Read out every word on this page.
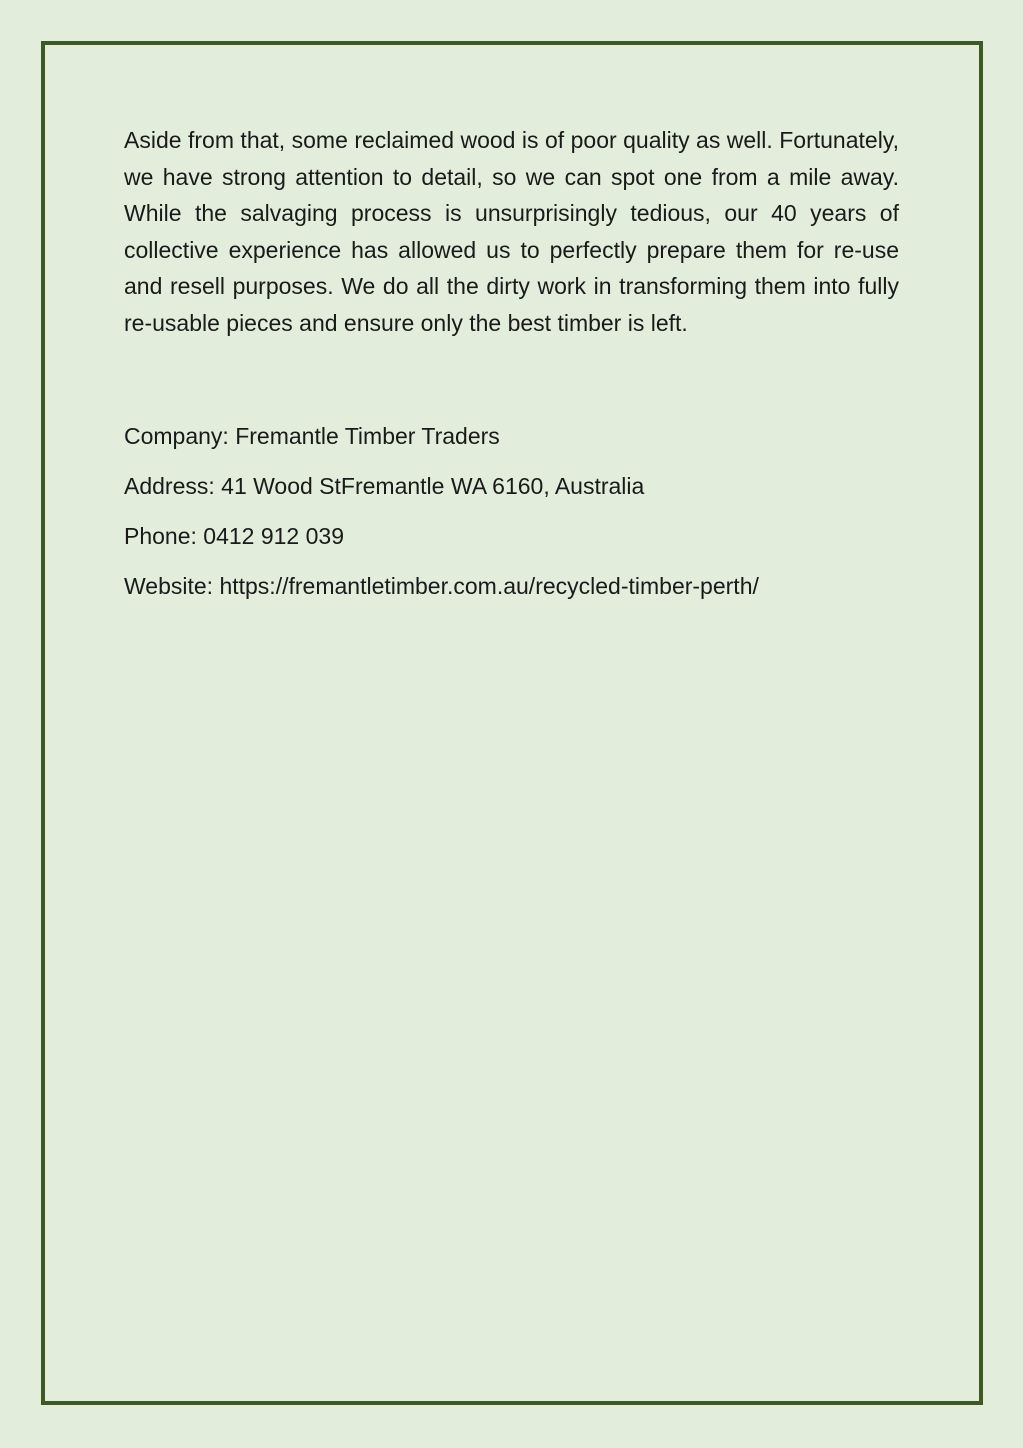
Aside from that, some reclaimed wood is of poor quality as well. Fortunately, we have strong attention to detail, so we can spot one from a mile away. While the salvaging process is unsurprisingly tedious, our 40 years of collective experience has allowed us to perfectly prepare them for re-use and resell purposes. We do all the dirty work in transforming them into fully re-usable pieces and ensure only the best timber is left.

Company: Fremantle Timber Traders

Address: 41 Wood StFremantle WA 6160, Australia

Phone: 0412 912 039

Website: https://fremantletimber.com.au/recycled-timber-perth/
